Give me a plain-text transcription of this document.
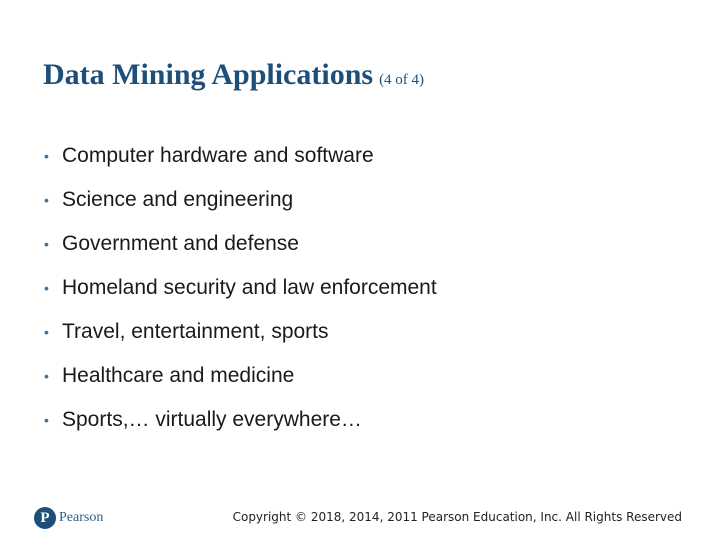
Data Mining Applications (4 of 4)
• Computer hardware and software
• Science and engineering
• Government and defense
• Homeland security and law enforcement
• Travel, entertainment, sports
• Healthcare and medicine
• Sports,… virtually everywhere…
P Pearson	Copyright © 2018, 2014, 2011 Pearson Education, Inc. All Rights Reserved
